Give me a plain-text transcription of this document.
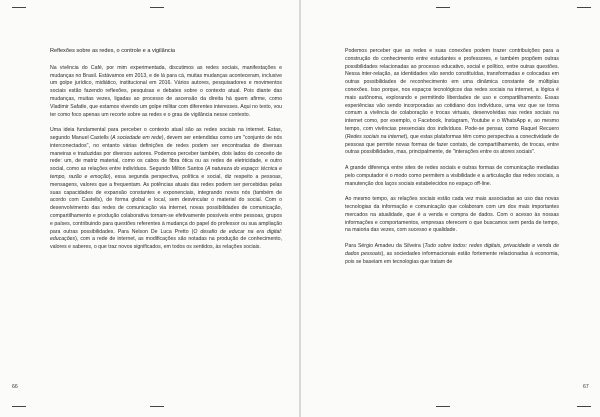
Reflexões sobre as redes, o controle e a vigilância

Na vivência do Café, por mim experimentada, discutimos as redes sociais, manifestações e mudanças no Brasil. Estávamos em 2013, e de lá para cá, muitas mudanças aconteceram, inclusive um golpe jurídico, midiático, institucional em 2016. Vários autores, pesquisadores e movimentos sociais estão fazendo reflexões, pesquisas e debates sobre o contexto atual. Pois diante das mudanças, muitas vezes, ligadas ao processo de ascensão da direita há quem afirme, como Vladimir Safatle, que estamos vivendo um golpe militar com diferentes interesses. Aqui no texto, vou ter como foco apenas um recorte sobre as redes e o grau de vigilância nesse contexto.

Uma ideia fundamental para perceber o contexto atual são as redes sociais na internet. Estas, segundo Manuel Castells (A sociedade em rede), devem ser entendidas como um "conjunto de nós interconectados", no entanto várias definições de redes podem ser encontradas de diversas maneiras e traduzidas por diversos autores. Podemos perceber também, dois lados do conceito de rede: um, de matriz material, como os cabos de fibra ótica ou as redes de eletricidade, e outro social, como as relações entre indivíduos. Segundo Milton Santos (A natureza do espaço: técnica e tempo, razão e emoção), essa segunda perspectiva, política e social, diz respeito a pessoas, mensagens, valores que a frequentam. As potências atuais das redes podem ser percebidas pelas suas capacidades de expansão constantes e exponenciais, integrando novos nós (também de acordo com Castells), de forma global e local, sem desvincular o material do social. Com o desenvolvimento das redes de comunicação via internet, novas possibilidades de comunicação, compartilhamento e produção colaborativa tornam-se efetivamente possíveis entre pessoas, grupos e países, contribuindo para questões referentes à mudança do papel do professor ou sua ampliação para outras possibilidades. Para Nelson De Luca Pretto (O desafio de educar na era digital: educações), com a rede de internet, as modificações são notadas na produção de conhecimento, valores e saberes, o que traz novos significados, em todos os sentidos, às relações sociais.

66	67

Podemos perceber que as redes e suas conexões podem trazer contribuições para a construção do conhecimento entre estudantes e professores, e também propõem outras possibilidades relacionadas ao processo educativo, social e político, entre outras questões. Nessa inter-relação, as identidades vão sendo constituídas, transformadas e colocadas em outras possibilidades de reconhecimento em uma dinâmica constante de múltiplas conexões. Isso porque, nos espaços tecnológicos das redes sociais na internet, a lógica é mais autônoma, explorando e permitindo liberdades de uso e compartilhamento. Essas experiências vão sendo incorporadas ao cotidiano dos indivíduos, uma vez que se torna comum a vivência de colaboração e trocas virtuais, desenvolvidas nas redes sociais na internet como, por exemplo, o Facebook, Instagram, Youtube e o WhatsApp e, ao mesmo tempo, com vivências presenciais dos indivíduos. Pode-se pensar, como Raquel Recuero (Redes sociais na internet), que estas plataformas têm como perspectiva a conectividade de pessoas que permite novas formas de fazer contato, de compartilhamento, de trocas, entre outras possibilidades, mas, principalmente, de "interações entre os atores sociais".

A grande diferença entre sites de redes sociais e outras formas de comunicação mediadas pelo computador é o modo como permitem a visibilidade e a articulação das redes sociais, a manutenção dos laços sociais estabelecidos no espaço off-line.

Ao mesmo tempo, as relações sociais estão cada vez mais associadas ao uso das novas tecnologias da informação e comunicação que colaboram com um dos mais importantes mercados na atualidade, que é a venda e compra de dados. Com o acesso às nossas informações e comportamentos, empresas oferecem o que buscamos sem perda de tempo, na maioria das vezes, com sucesso e qualidade.

Para Sérgio Amadeu da Silveira (Tudo sobre todos: redes digitais, privacidade e venda de dados pessoais), as sociedades informacionais estão fortemente relacionadas à economia, pois se baseiam em tecnologias que tratam de
